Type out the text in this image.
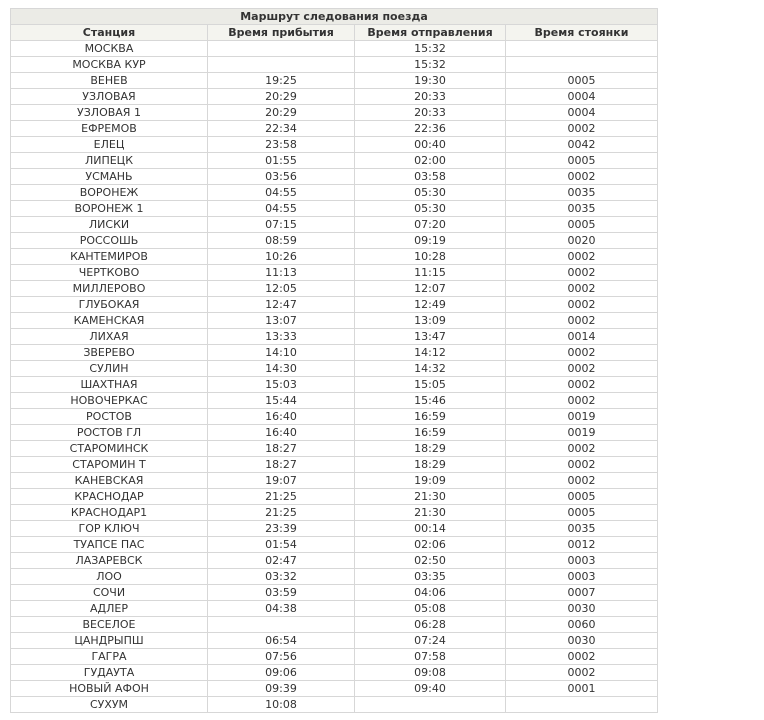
Маршрут следования поезда			
Станция	Время прибытия	Время отправления	Время стоянки
МОСКВА		15:32	
МОСКВА КУР		15:32	
ВЕНЕВ	19:25	19:30	0005
УЗЛОВАЯ	20:29	20:33	0004
УЗЛОВАЯ 1	20:29	20:33	0004
ЕФРЕМОВ	22:34	22:36	0002
ЕЛЕЦ	23:58	00:40	0042
ЛИПЕЦК	01:55	02:00	0005
УСМАНЬ	03:56	03:58	0002
ВОРОНЕЖ	04:55	05:30	0035
ВОРОНЕЖ 1	04:55	05:30	0035
ЛИСКИ	07:15	07:20	0005
РОССОШЬ	08:59	09:19	0020
КАНТЕМИРОВ	10:26	10:28	0002
ЧЕРТКОВО	11:13	11:15	0002
МИЛЛЕРОВО	12:05	12:07	0002
ГЛУБОКАЯ	12:47	12:49	0002
КАМЕНСКАЯ	13:07	13:09	0002
ЛИХАЯ	13:33	13:47	0014
ЗВЕРЕВО	14:10	14:12	0002
СУЛИН	14:30	14:32	0002
ШАХТНАЯ	15:03	15:05	0002
НОВОЧЕРКАС	15:44	15:46	0002
РОСТОВ	16:40	16:59	0019
РОСТОВ ГЛ	16:40	16:59	0019
СТАРОМИНСК	18:27	18:29	0002
СТАРОМИН Т	18:27	18:29	0002
КАНЕВСКАЯ	19:07	19:09	0002
КРАСНОДАР	21:25	21:30	0005
КРАСНОДАР1	21:25	21:30	0005
ГОР КЛЮЧ	23:39	00:14	0035
ТУАПСЕ ПАС	01:54	02:06	0012
ЛАЗАРЕВСК	02:47	02:50	0003
ЛОО	03:32	03:35	0003
СОЧИ	03:59	04:06	0007
АДЛЕР	04:38	05:08	0030
ВЕСЕЛОЕ		06:28	0060
ЦАНДРЫПШ	06:54	07:24	0030
ГАГРА	07:56	07:58	0002
ГУДАУТА	09:06	09:08	0002
НОВЫЙ АФОН	09:39	09:40	0001
СУХУМ	10:08		
